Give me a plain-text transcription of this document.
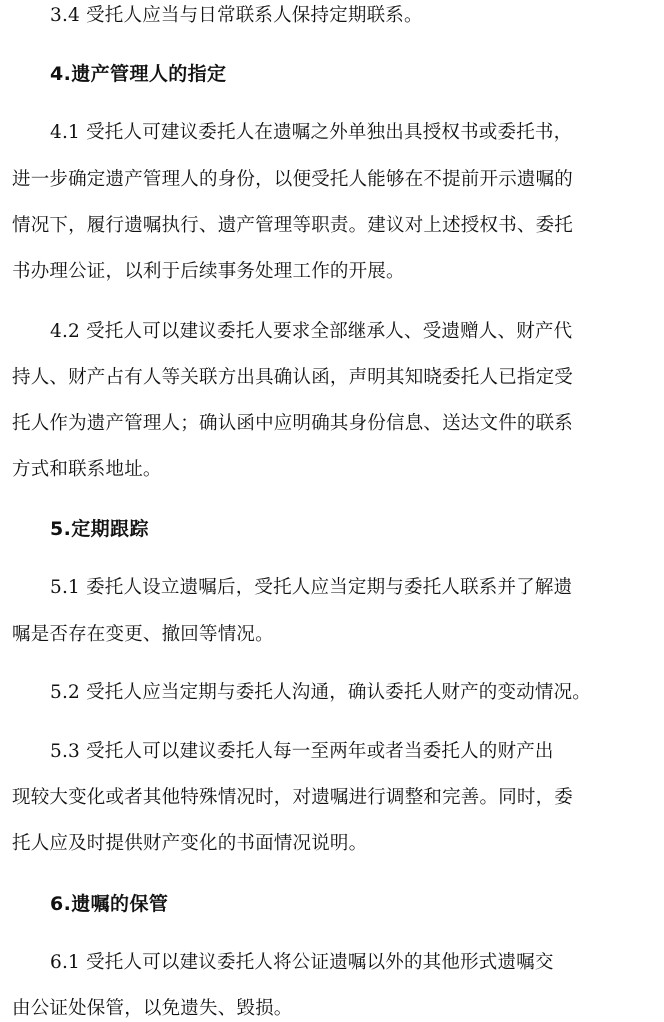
3.4 受托人应当与日常联系人保持定期联系。
4.遗产管理人的指定
4.1 受托人可建议委托人在遗嘱之外单独出具授权书或委托书，
进一步确定遗产管理人的身份，以便受托人能够在不提前开示遗嘱的
情况下，履行遗嘱执行、遗产管理等职责。建议对上述授权书、委托
书办理公证，以利于后续事务处理工作的开展。
4.2 受托人可以建议委托人要求全部继承人、受遗赠人、财产代
持人、财产占有人等关联方出具确认函，声明其知晓委托人已指定受
托人作为遗产管理人；确认函中应明确其身份信息、送达文件的联系
方式和联系地址。
5.定期跟踪
5.1 委托人设立遗嘱后，受托人应当定期与委托人联系并了解遗
嘱是否存在变更、撤回等情况。
5.2 受托人应当定期与委托人沟通，确认委托人财产的变动情况。
5.3 受托人可以建议委托人每一至两年或者当委托人的财产出
现较大变化或者其他特殊情况时，对遗嘱进行调整和完善。同时，委
托人应及时提供财产变化的书面情况说明。
6.遗嘱的保管
6.1 受托人可以建议委托人将公证遗嘱以外的其他形式遗嘱交
由公证处保管，以免遗失、毁损。
